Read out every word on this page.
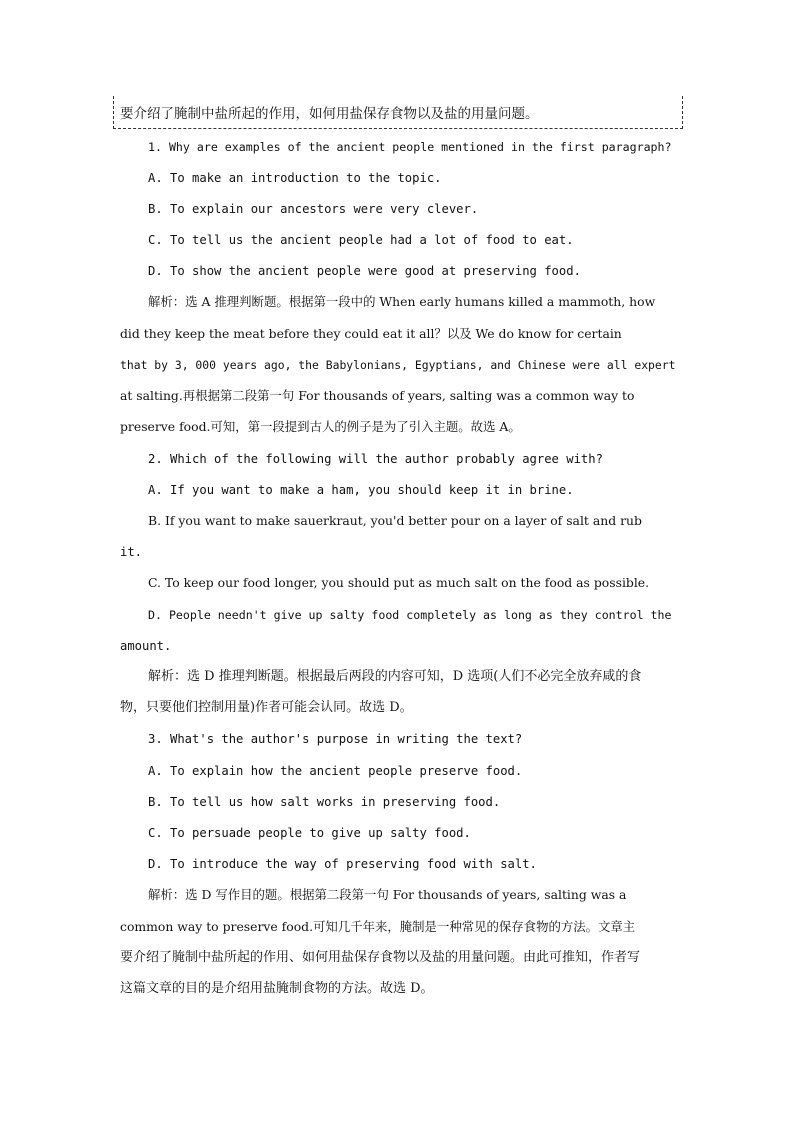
要介绍了腌制中盐所起的作用，如何用盐保存食物以及盐的用量问题。
1. Why are examples of the ancient people mentioned in the first paragraph?
A. To make an introduction to the topic.
B. To explain our ancestors were very clever.
C. To tell us the ancient people had a lot of food to eat.
D. To show the ancient people were good at preserving food.
解析：选 A 推理判断题。根据第一段中的 When early humans killed a mammoth, how
did they keep the meat before they could eat it all？以及 We do know for certain
that by 3, 000 years ago, the Babylonians, Egyptians, and Chinese were all expert
at salting.再根据第二段第一句 For thousands of years, salting was a common way to
preserve food.可知，第一段提到古人的例子是为了引入主题。故选 A。
2. Which of the following will the author probably agree with?
A. If you want to make a ham, you should keep it in brine.
B. If you want to make sauerkraut, you'd better pour on a layer of salt and rub
it.
C. To keep our food longer, you should put as much salt on the food as possible.
D. People needn't give up salty food completely as long as they control the
amount.
解析：选 D 推理判断题。根据最后两段的内容可知，D 选项(人们不必完全放弃咸的食
物，只要他们控制用量)作者可能会认同。故选 D。
3. What's the author's purpose in writing the text?
A. To explain how the ancient people preserve food.
B. To tell us how salt works in preserving food.
C. To persuade people to give up salty food.
D. To introduce the way of preserving food with salt.
解析：选 D 写作目的题。根据第二段第一句 For thousands of years, salting was a
common way to preserve food.可知几千年来，腌制是一种常见的保存食物的方法。文章主
要介绍了腌制中盐所起的作用、如何用盐保存食物以及盐的用量问题。由此可推知，作者写
这篇文章的目的是介绍用盐腌制食物的方法。故选 D。
